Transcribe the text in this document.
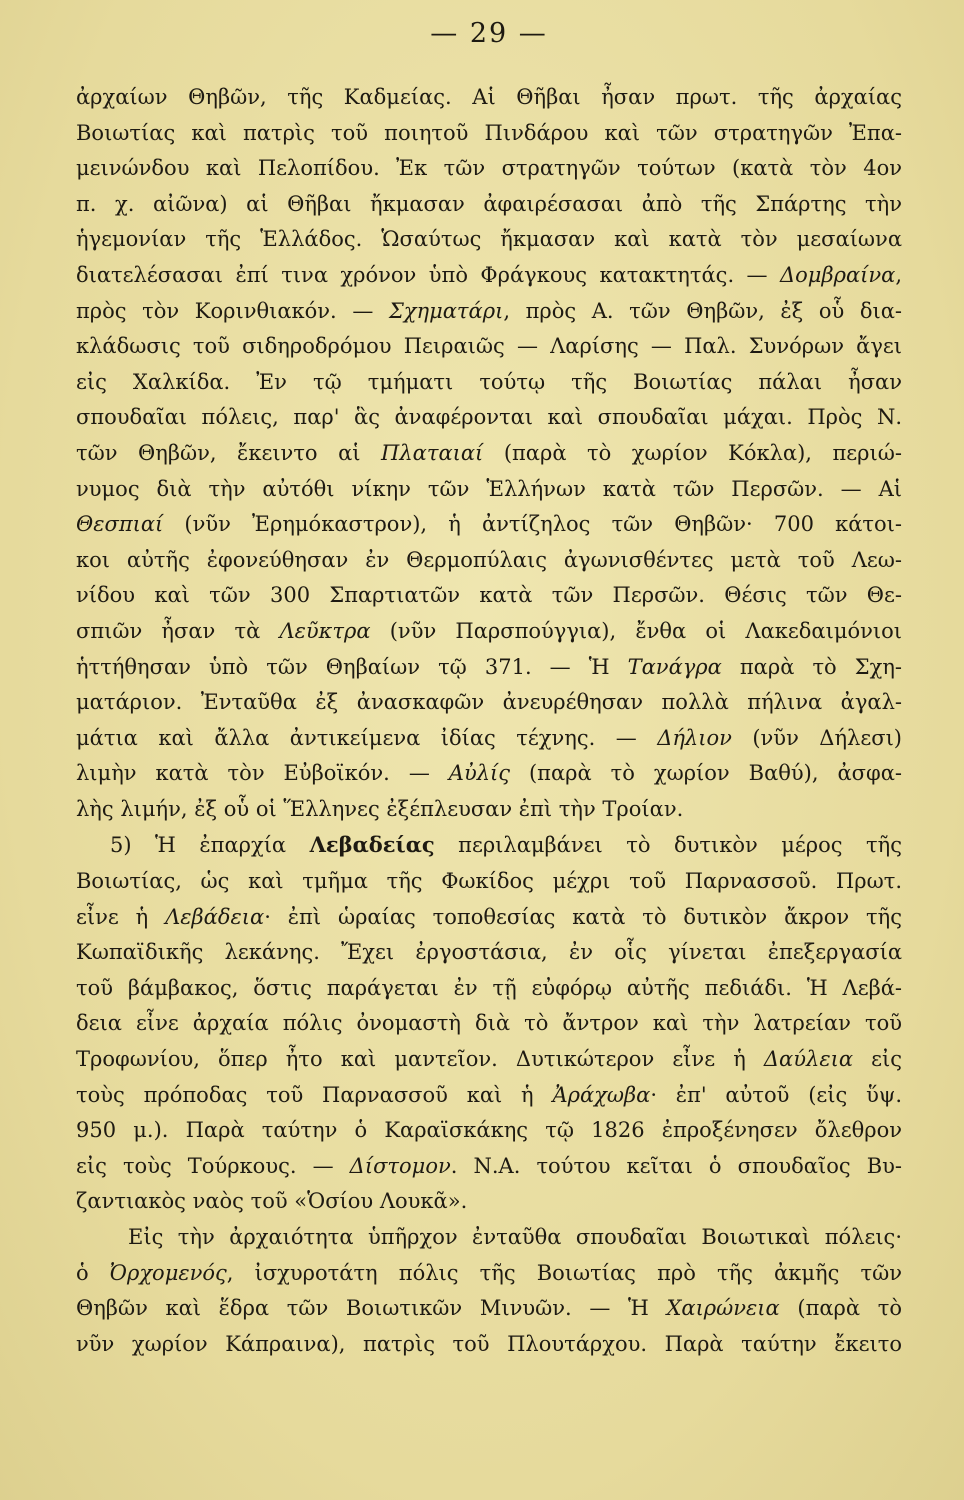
— 29 —
ἀρχαίων Θηβῶν, τῆς Καδμείας. Αἱ Θῆβαι ἦσαν πρωτ. τῆς ἀρχαίας
Βοιωτίας καὶ πατρὶς τοῦ ποιητοῦ Πινδάρου καὶ τῶν στρατηγῶν Ἐπα-
μεινώνδου καὶ Πελοπίδου. Ἐκ τῶν στρατηγῶν τούτων (κατὰ τὸν 4ον
π. χ. αἰῶνα) αἱ Θῆβαι ἤκμασαν ἀφαιρέσασαι ἀπὸ τῆς Σπάρτης τὴν
ἡγεμονίαν τῆς Ἑλλάδος. Ὡσαύτως ἤκμασαν καὶ κατὰ τὸν μεσαίωνα
διατελέσασαι ἐπί τινα χρόνον ὑπὸ Φράγκους κατακτητάς. — Δομβραίνα,
πρὸς τὸν Κορινθιακόν. — Σχηματάρι, πρὸς Α. τῶν Θηβῶν, ἐξ οὗ δια-
κλάδωσις τοῦ σιδηροδρόμου Πειραιῶς — Λαρίσης — Παλ. Συνόρων ἄγει
εἰς Χαλκίδα. Ἐν τῷ τμήματι τούτῳ τῆς Βοιωτίας πάλαι ἦσαν
σπουδαῖαι πόλεις, παρ' ἃς ἀναφέρονται καὶ σπουδαῖαι μάχαι. Πρὸς Ν.
τῶν Θηβῶν, ἔκειντο αἱ Πλαταιαί (παρὰ τὸ χωρίον Κόκλα), περιώ-
νυμος διὰ τὴν αὐτόθι νίκην τῶν Ἑλλήνων κατὰ τῶν Περσῶν. — Αἱ
Θεσπιαί (νῦν Ἐρημόκαστρον), ἡ ἀντίζηλος τῶν Θηβῶν· 700 κάτοι-
κοι αὐτῆς ἐφονεύθησαν ἐν Θερμοπύλαις ἀγωνισθέντες μετὰ τοῦ Λεω-
νίδου καὶ τῶν 300 Σπαρτιατῶν κατὰ τῶν Περσῶν. Θέσις τῶν Θε-
σπιῶν ἦσαν τὰ Λεῦκτρα (νῦν Παρσπούγγια), ἔνθα οἱ Λακεδαιμόνιοι
ἡττήθησαν ὑπὸ τῶν Θηβαίων τῷ 371. — Ἡ Τανάγρα παρὰ τὸ Σχη-
ματάριον. Ἐνταῦθα ἐξ ἀνασκαφῶν ἀνευρέθησαν πολλὰ πήλινα ἀγαλ-
μάτια καὶ ἄλλα ἀντικείμενα ἰδίας τέχνης. — Δήλιον (νῦν Δήλεσι)
λιμὴν κατὰ τὸν Εὐβοϊκόν. — Αὐλίς (παρὰ τὸ χωρίον Βαθύ), ἀσφα-
λὴς λιμήν, ἐξ οὗ οἱ Ἕλληνες ἐξέπλευσαν ἐπὶ τὴν Τροίαν.
5) Ἡ ἐπαρχία Λεβαδείας περιλαμβάνει τὸ δυτικὸν μέρος τῆς
Βοιωτίας, ὡς καὶ τμῆμα τῆς Φωκίδος μέχρι τοῦ Παρνασσοῦ. Πρωτ.
εἶνε ἡ Λεβάδεια· ἐπὶ ὡραίας τοποθεσίας κατὰ τὸ δυτικὸν ἄκρον τῆς
Κωπαϊδικῆς λεκάνης. Ἔχει ἐργοστάσια, ἐν οἷς γίνεται ἐπεξεργασία
τοῦ βάμβακος, ὅστις παράγεται ἐν τῇ εὐφόρῳ αὐτῆς πεδιάδι. Ἡ Λεβά-
δεια εἶνε ἀρχαία πόλις ὀνομαστὴ διὰ τὸ ἄντρον καὶ τὴν λατρείαν τοῦ
Τροφωνίου, ὅπερ ἦτο καὶ μαντεῖον. Δυτικώτερον εἶνε ἡ Δαύλεια εἰς
τοὺς πρόποδας τοῦ Παρνασσοῦ καὶ ἡ Ἀράχωβα· ἐπ' αὐτοῦ (εἰς ὕψ.
950 μ.). Παρὰ ταύτην ὁ Καραϊσκάκης τῷ 1826 ἐπροξένησεν ὄλεθρον
εἰς τοὺς Τούρκους. — Δίστομον. Ν.Α. τούτου κεῖται ὁ σπουδαῖος Βυ-
ζαντιακὸς ναὸς τοῦ «Ὁσίου Λουκᾶ».
Εἰς τὴν ἀρχαιότητα ὑπῆρχον ἐνταῦθα σπουδαῖαι Βοιωτικαὶ πόλεις·
ὁ Ὀρχομενός, ἰσχυροτάτη πόλις τῆς Βοιωτίας πρὸ τῆς ἀκμῆς τῶν
Θηβῶν καὶ ἕδρα τῶν Βοιωτικῶν Μινυῶν. — Ἡ Χαιρώνεια (παρὰ τὸ
νῦν χωρίον Κάπραινα), πατρὶς τοῦ Πλουτάρχου. Παρὰ ταύτην ἔκειτο
